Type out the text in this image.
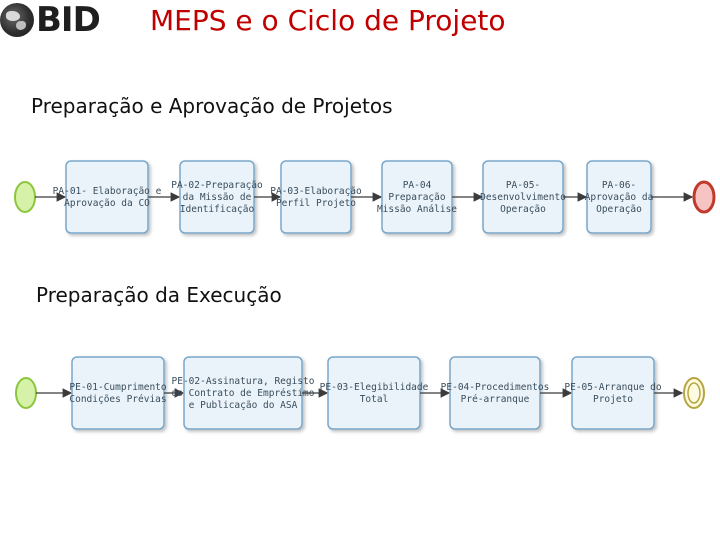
BID MEPS e o Ciclo de Projeto
Preparação e Aprovação de Projetos
Preparação da Execução
PA-01- Elaboração e
Aprovação da CO
PA-02-Preparação
da Missão de
Identificação
PA-03-Elaboração
Perfil Projeto
PA-04
Preparação
Missão Análise
PA-05-
Desenvolvimento
Operação
PA-06-
Aprovação da
Operação
PE-01-Cumprimento
Condições Prévias
PE-02-Assinatura, Registo
do Contrato de Empréstimo
e Publicação do ASA
PE-03-Elegibilidade
Total
PE-04-Procedimentos
Pré-arranque
PE-05-Arranque do
Projeto
